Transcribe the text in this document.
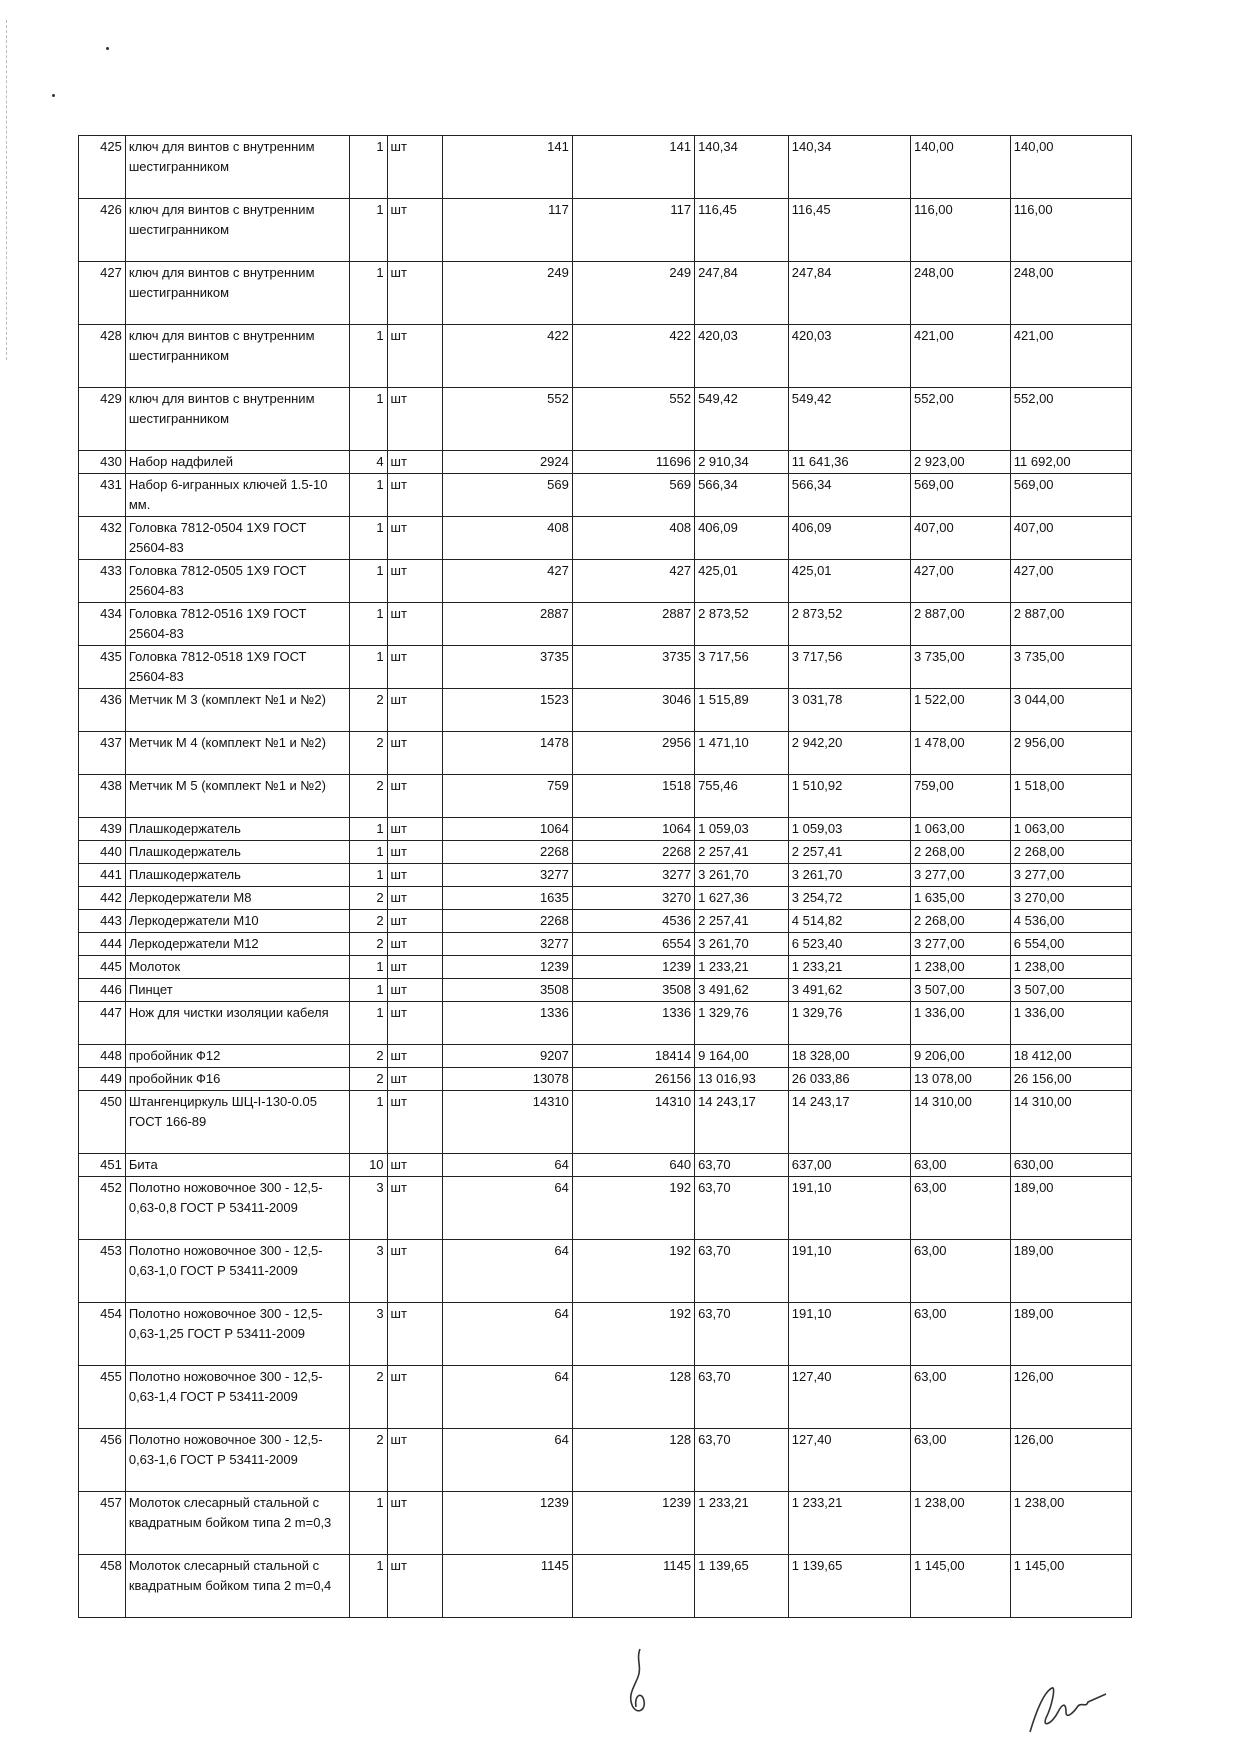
425	ключ для винтов с внутренним шестигранником	1	шт	141	141	140,34	140,34	140,00	140,00
426	ключ для винтов с внутренним шестигранником	1	шт	117	117	116,45	116,45	116,00	116,00
427	ключ для винтов с внутренним шестигранником	1	шт	249	249	247,84	247,84	248,00	248,00
428	ключ для винтов с внутренним шестигранником	1	шт	422	422	420,03	420,03	421,00	421,00
429	ключ для винтов с внутренним шестигранником	1	шт	552	552	549,42	549,42	552,00	552,00
430	Набор надфилей	4	шт	2924	11696	2 910,34	11 641,36	2 923,00	11 692,00
431	Набор 6-игранных ключей 1.5-10 мм.	1	шт	569	569	566,34	566,34	569,00	569,00
432	Головка 7812-0504 1Х9 ГОСТ 25604-83	1	шт	408	408	406,09	406,09	407,00	407,00
433	Головка 7812-0505 1Х9 ГОСТ 25604-83	1	шт	427	427	425,01	425,01	427,00	427,00
434	Головка 7812-0516 1Х9 ГОСТ 25604-83	1	шт	2887	2887	2 873,52	2 873,52	2 887,00	2 887,00
435	Головка 7812-0518 1Х9 ГОСТ 25604-83	1	шт	3735	3735	3 717,56	3 717,56	3 735,00	3 735,00
436	Метчик М 3 (комплект №1 и №2)	2	шт	1523	3046	1 515,89	3 031,78	1 522,00	3 044,00
437	Метчик М 4 (комплект №1 и №2)	2	шт	1478	2956	1 471,10	2 942,20	1 478,00	2 956,00
438	Метчик М 5 (комплект №1 и №2)	2	шт	759	1518	755,46	1 510,92	759,00	1 518,00
439	Плашкодержатель	1	шт	1064	1064	1 059,03	1 059,03	1 063,00	1 063,00
440	Плашкодержатель	1	шт	2268	2268	2 257,41	2 257,41	2 268,00	2 268,00
441	Плашкодержатель	1	шт	3277	3277	3 261,70	3 261,70	3 277,00	3 277,00
442	Леркодержатели М8	2	шт	1635	3270	1 627,36	3 254,72	1 635,00	3 270,00
443	Леркодержатели М10	2	шт	2268	4536	2 257,41	4 514,82	2 268,00	4 536,00
444	Леркодержатели М12	2	шт	3277	6554	3 261,70	6 523,40	3 277,00	6 554,00
445	Молоток	1	шт	1239	1239	1 233,21	1 233,21	1 238,00	1 238,00
446	Пинцет	1	шт	3508	3508	3 491,62	3 491,62	3 507,00	3 507,00
447	Нож для чистки изоляции кабеля	1	шт	1336	1336	1 329,76	1 329,76	1 336,00	1 336,00
448	пробойник Ф12	2	шт	9207	18414	9 164,00	18 328,00	9 206,00	18 412,00
449	пробойник Ф16	2	шт	13078	26156	13 016,93	26 033,86	13 078,00	26 156,00
450	Штангенциркуль ШЦ-I-130-0.05 ГОСТ 166-89	1	шт	14310	14310	14 243,17	14 243,17	14 310,00	14 310,00
451	Бита	10	шт	64	640	63,70	637,00	63,00	630,00
452	Полотно ножовочное 300 - 12,5- 0,63-0,8 ГОСТ Р 53411-2009	3	шт	64	192	63,70	191,10	63,00	189,00
453	Полотно ножовочное 300 - 12,5- 0,63-1,0 ГОСТ Р 53411-2009	3	шт	64	192	63,70	191,10	63,00	189,00
454	Полотно ножовочное 300 - 12,5- 0,63-1,25 ГОСТ Р 53411-2009	3	шт	64	192	63,70	191,10	63,00	189,00
455	Полотно ножовочное 300 - 12,5- 0,63-1,4 ГОСТ Р 53411-2009	2	шт	64	128	63,70	127,40	63,00	126,00
456	Полотно ножовочное 300 - 12,5- 0,63-1,6 ГОСТ Р 53411-2009	2	шт	64	128	63,70	127,40	63,00	126,00
457	Молоток слесарный стальной с квадратным бойком типа 2 m=0,3	1	шт	1239	1239	1 233,21	1 233,21	1 238,00	1 238,00
458	Молоток слесарный стальной с квадратным бойком типа 2 m=0,4	1	шт	1145	1145	1 139,65	1 139,65	1 145,00	1 145,00
